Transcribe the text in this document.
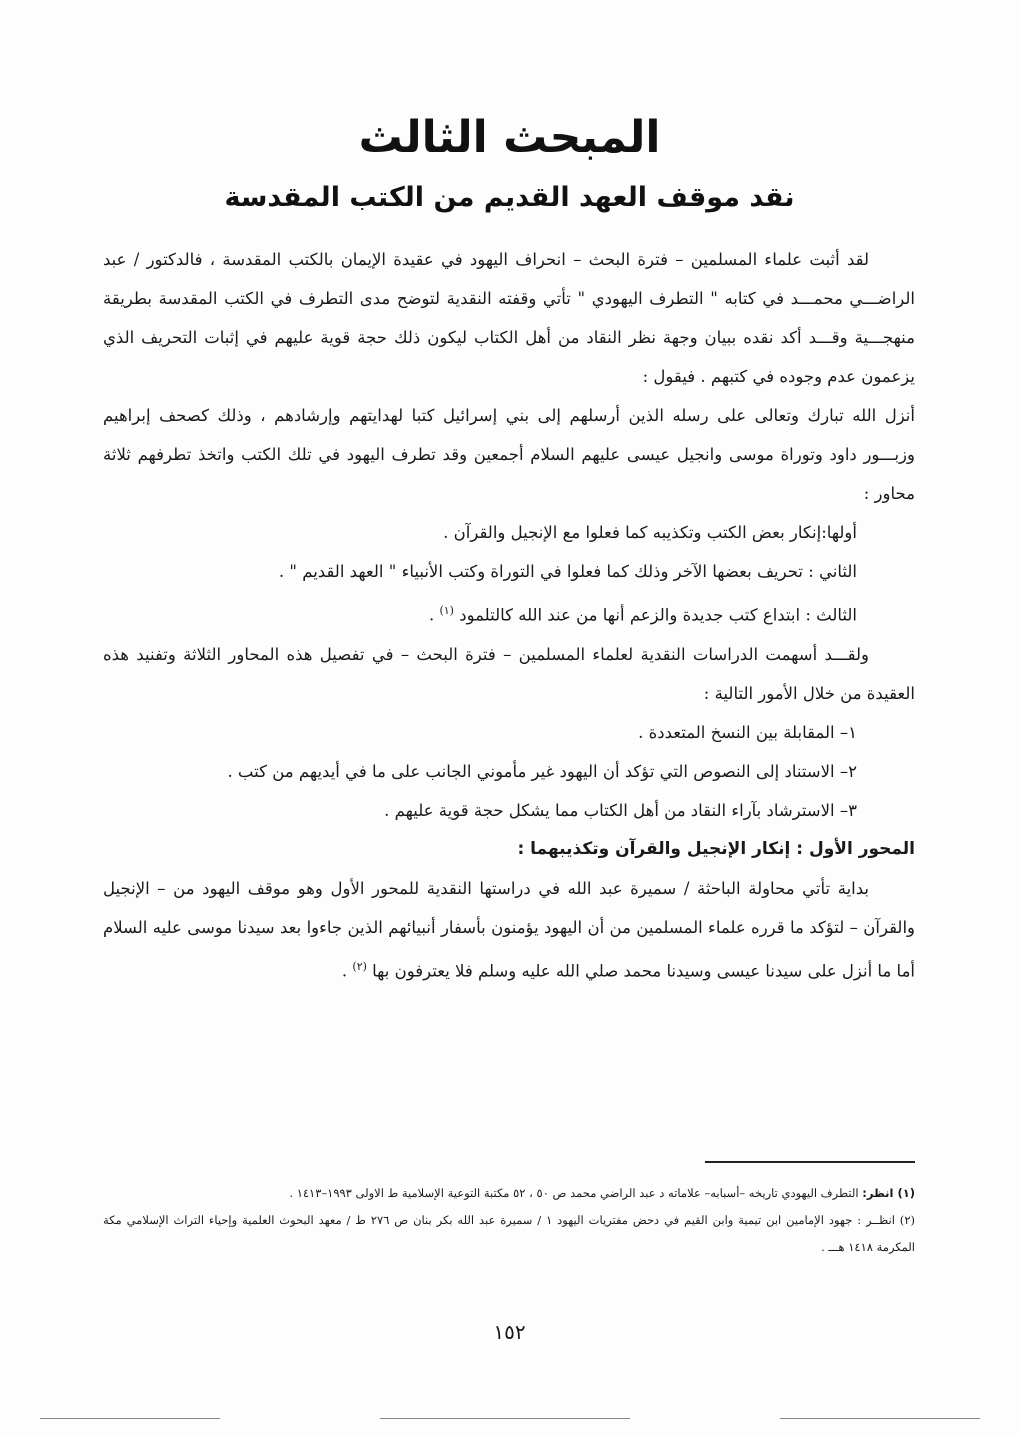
المبحث الثالث
نقد موقف العهد القديم من الكتب المقدسة

لقد أثبت علماء المسلمين – فترة البحث – انحراف اليهود في عقيدة الإيمان بالكتب المقدسة ، فالدكتور / عبد الراضـــي محمـــد في كتابه " التطرف اليهودي " تأتي وقفته النقدية لتوضح مدى التطرف في الكتب المقدسة بطريقة منهجـــية وقـــد أكد نقده ببيان وجهة نظر النقاد من أهل الكتاب ليكون ذلك حجة قوية عليهم في إثبات التحريف الذي يزعمون عدم وجوده في كتبهم . فيقول :

أنزل الله تبارك وتعالى على رسله الذين أرسلهم إلى بني إسرائيل كتبا لهدايتهم وإرشادهم ، وذلك كصحف إبراهيم وزبـــور داود وتوراة موسى وانجيل عيسى عليهم السلام أجمعين وقد تطرف اليهود في تلك الكتب واتخذ تطرفهم ثلاثة محاور :

أولها:إنكار بعض الكتب وتكذيبه كما فعلوا مع الإنجيل والقرآن .

الثاني : تحريف بعضها الآخر وذلك كما فعلوا في التوراة وكتب الأنبياء " العهد القديم " .

الثالث : ابتداع كتب جديدة والزعم أنها من عند الله كالتلمود $^{(١)}$ .

ولقـــد أسهمت الدراسات النقدية لعلماء المسلمين – فترة البحث – في تفصيل هذه المحاور الثلاثة وتفنيد هذه العقيدة من خلال الأمور التالية :

١– المقابلة بين النسخ المتعددة .

٢– الاستناد إلى النصوص التي تؤكد أن اليهود غير مأموني الجانب على ما في أيديهم من كتب .

٣– الاسترشاد بآراء النقاد من أهل الكتاب مما يشكل حجة قوية عليهم .

المحور الأول : إنكار الإنجيل والقرآن وتكذيبهما :

بداية تأتي محاولة الباحثة / سميرة عبد الله في دراستها النقدية للمحور الأول وهو موقف اليهود من – الإنجيل والقرآن – لتؤكد ما قرره علماء المسلمين من أن اليهود يؤمنون بأسفار أنبيائهم الذين جاءوا بعد سيدنا موسى عليه السلام أما ما أنزل على سيدنا عيسى وسيدنا محمد صلي الله عليه وسلم فلا يعترفون بها $^{(٢)}$ .

(١) انظر: التطرف اليهودي تاريخه –أسبابه– علاماته د عبد الراضي محمد ص ٥٠ ، ٥٢ مكتبة التوعية الإسلامية ط الاولى ١٩٩٣–١٤١٣ .

(٢) انظــر : جهود الإمامين ابن تيمية وابن القيم في دحض مفتريات اليهود ١ / سميرة عبد الله بكر بنان ص ٢٧٦ ط / معهد البحوث العلمية وإحياء التراث الإسلامي مكة المكرمة ١٤١٨ هـــ .

١٥٢
